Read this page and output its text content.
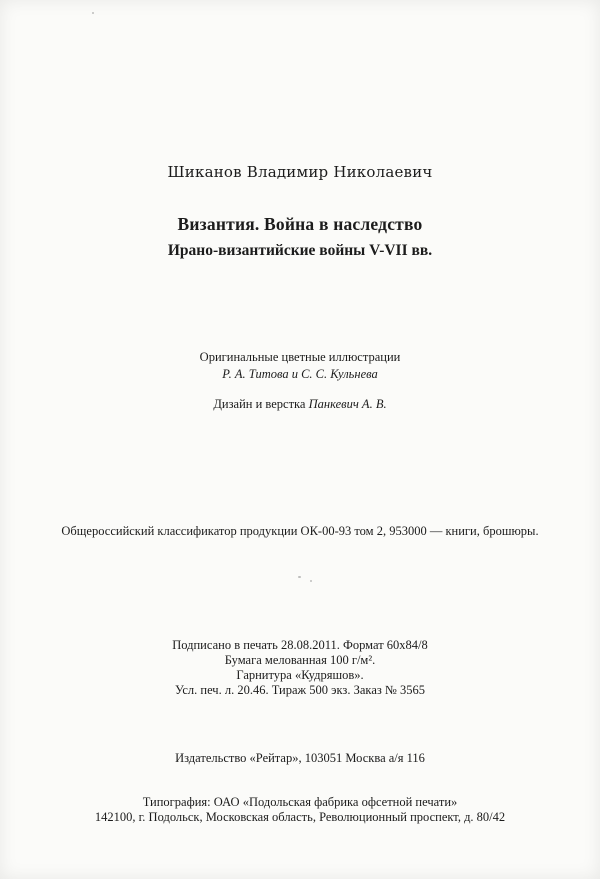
Шиканов Владимир Николаевич
Византия. Война в наследство
Ирано-византийские войны V-VII вв.
Оригинальные цветные иллюстрации
Р. А. Титова и С. С. Кульнева
Дизайн и верстка Панкевич А. В.
Общероссийский классификатор продукции ОК-00-93 том 2, 953000 — книги, брошюры.
Подписано в печать 28.08.2011. Формат 60х84/8
Бумага мелованная 100 г/м².
Гарнитура «Кудряшов».
Усл. печ. л. 20.46. Тираж 500 экз. Заказ № 3565
Издательство «Рейтар», 103051 Москва а/я 116
Типография: ОАО «Подольская фабрика офсетной печати»
142100, г. Подольск, Московская область, Революционный проспект, д. 80/42
